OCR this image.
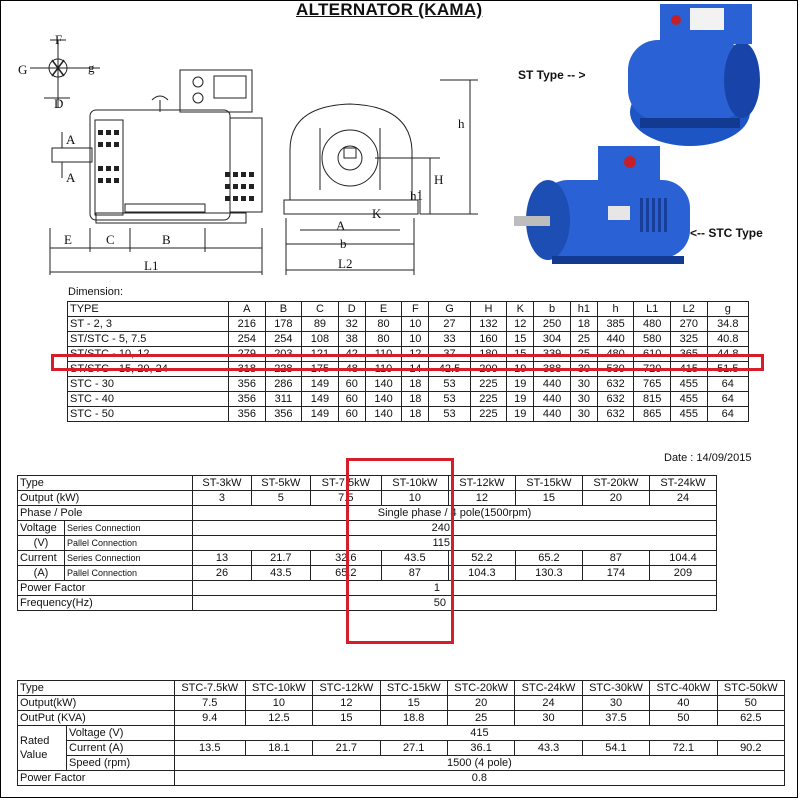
ALTERNATOR (KAMA)
F
G	g
D
A
A
E	C	B
L1
h
H
h1
K
A
b
L2
ST Type -- >
<-- STC Type
Dimension:
TYPE	A	B	C	D	E	F	G	H	K	b	h1	h	L1	L2	g
ST - 2, 3	216	178	89	32	80	10	27	132	12	250	18	385	480	270	34.8
ST/STC - 5, 7.5	254	254	108	38	80	10	33	160	15	304	25	440	580	325	40.8
ST/STC - 10, 12	279	203	121	42	110	12	37	180	15	339	25	480	610	365	44.8
ST/STC - 15, 20, 24	318	228	175	48	110	14	42.5	200	19	388	30	530	720	415	51.5
STC - 30	356	286	149	60	140	18	53	225	19	440	30	632	765	455	64
STC - 40	356	311	149	60	140	18	53	225	19	440	30	632	815	455	64
STC - 50	356	356	149	60	140	18	53	225	19	440	30	632	865	455	64
Date : 14/09/2015
Type		ST-3kW	ST-5kW	ST-7.5kW	ST-10kW	ST-12kW	ST-15kW	ST-20kW	ST-24kW
Output (kW)		3	5	7.5	10	12	15	20	24
Phase / Pole		Single phase / 4 pole(1500rpm)							
Voltage	Series Connection	240							
(V)	Pallel Connection	115							
Current	Series Connection	13	21.7	32.6	43.5	52.2	65.2	87	104.4
(A)	Pallel Connection	26	43.5	65.2	87	104.3	130.3	174	209
Power Factor		1							
Frequency(Hz)		50							
Type		STC-7.5kW	STC-10kW	STC-12kW	STC-15kW	STC-20kW	STC-24kW	STC-30kW	STC-40kW	STC-50kW
Output(kW)		7.5	10	12	15	20	24	30	40	50
OutPut (KVA)		9.4	12.5	15	18.8	25	30	37.5	50	62.5
Rated Value	Voltage (V)	415								
	Current (A)	13.5	18.1	21.7	27.1	36.1	43.3	54.1	72.1	90.2
	Speed (rpm)	1500 (4 pole)								
Power Factor		0.8								
